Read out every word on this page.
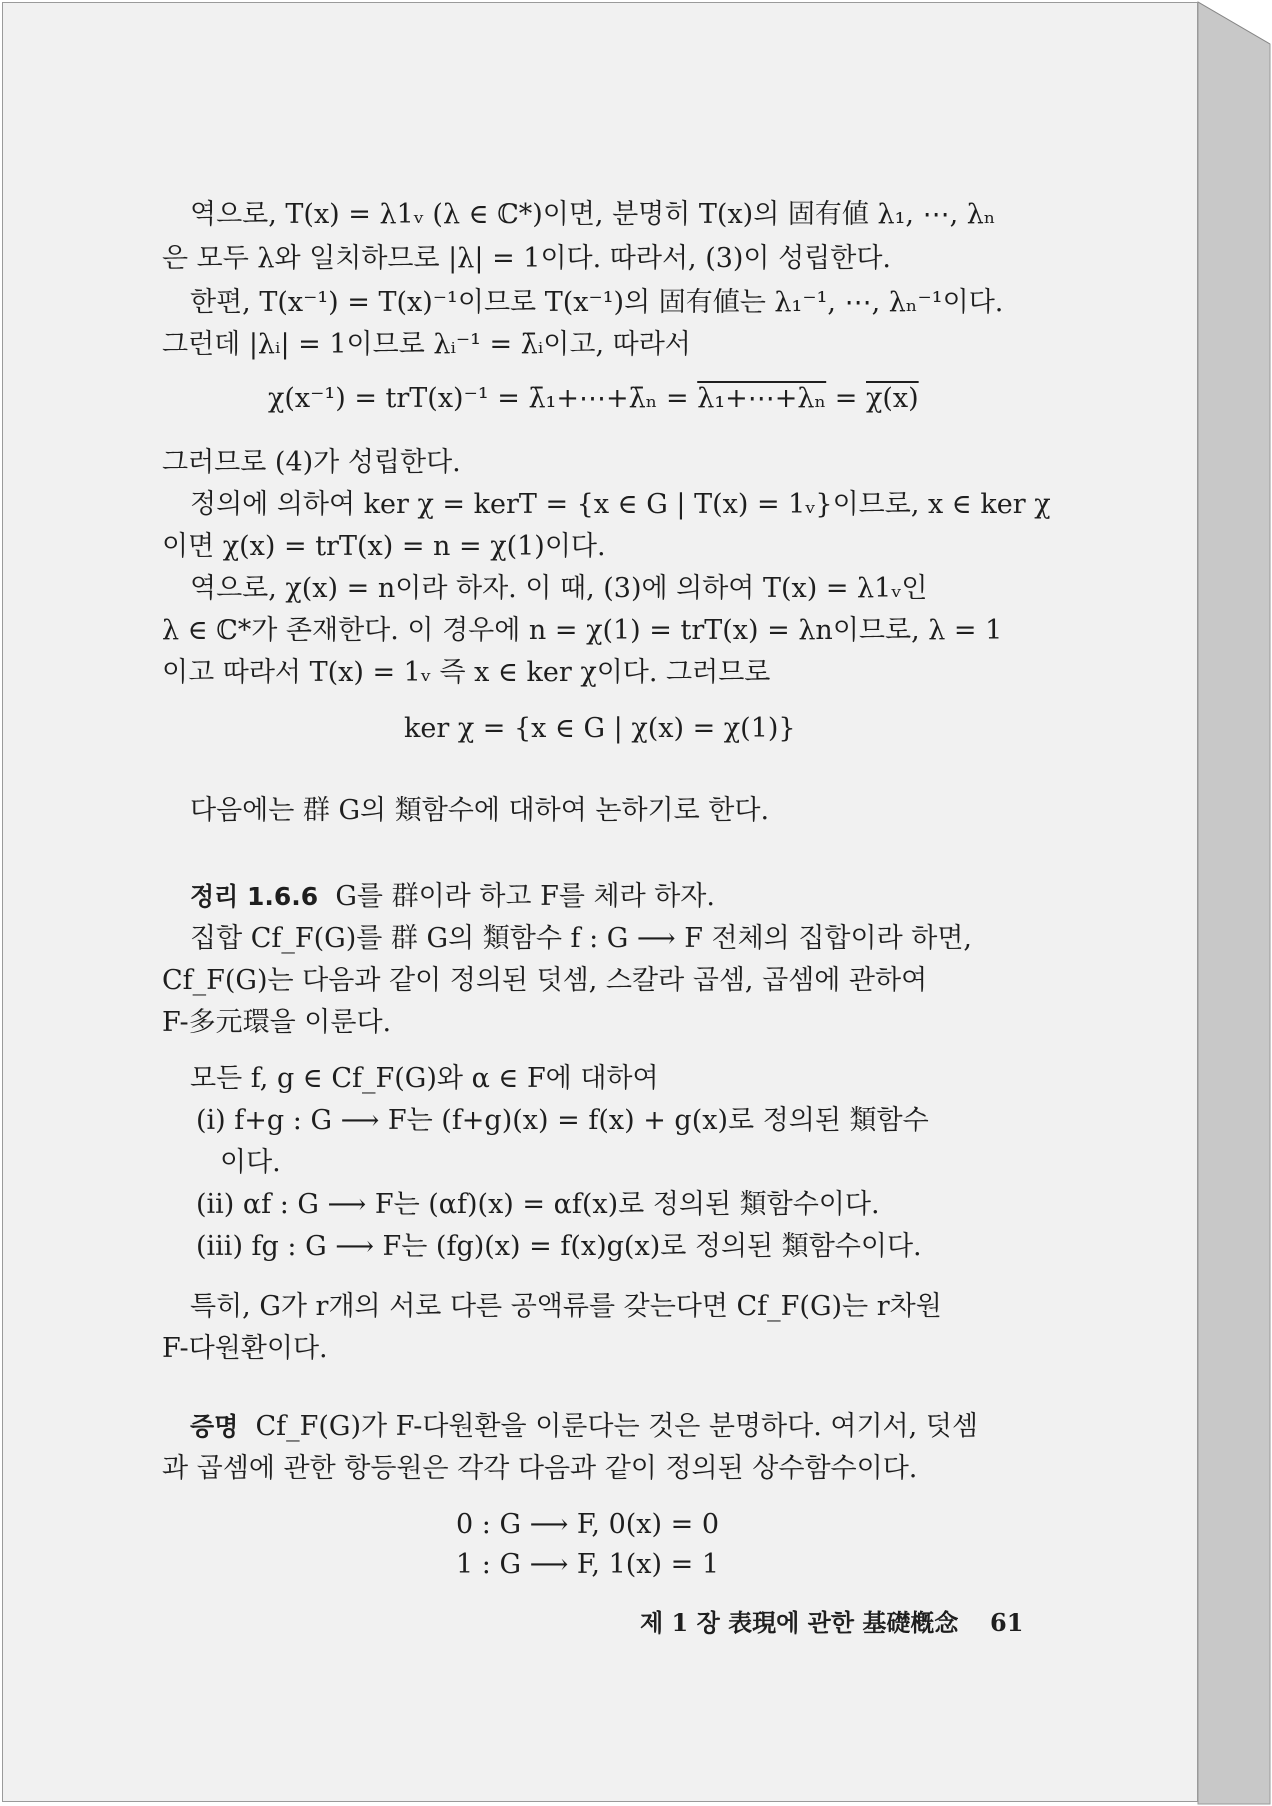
역으로, T(x) = λ1ᵥ (λ ∈ ℂ*)이면, 분명히 T(x)의 固有値 λ₁, ⋯, λₙ
은 모두 λ와 일치하므로 |λ| = 1이다. 따라서, (3)이 성립한다.
한편, T(x⁻¹) = T(x)⁻¹이므로 T(x⁻¹)의 固有値는 λ₁⁻¹, ⋯, λₙ⁻¹이다.
그런데 |λᵢ| = 1이므로 λᵢ⁻¹ = λ̄ᵢ이고, 따라서
χ(x⁻¹) = trT(x)⁻¹ = λ̄₁+⋯+λ̄ₙ = λ₁+⋯+λₙ = χ(x)
그러므로 (4)가 성립한다.
정의에 의하여 ker χ = kerT = {x ∈ G | T(x) = 1ᵥ}이므로, x ∈ ker χ
이면 χ(x) = trT(x) = n = χ(1)이다.
역으로, χ(x) = n이라 하자. 이 때, (3)에 의하여 T(x) = λ1ᵥ인
λ ∈ ℂ*가 존재한다. 이 경우에 n = χ(1) = trT(x) = λn이므로, λ = 1
이고 따라서 T(x) = 1ᵥ 즉 x ∈ ker χ이다. 그러므로
ker χ = {x ∈ G | χ(x) = χ(1)}
다음에는 群 G의 類함수에 대하여 논하기로 한다.
정리 1.6.6 G를 群이라 하고 F를 체라 하자.
집합 Cf_F(G)를 群 G의 類함수 f : G ⟶ F 전체의 집합이라 하면,
Cf_F(G)는 다음과 같이 정의된 덧셈, 스칼라 곱셈, 곱셈에 관하여
F-多元環을 이룬다.
모든 f, g ∈ Cf_F(G)와 α ∈ F에 대하여
(i) f+g : G ⟶ F는 (f+g)(x) = f(x) + g(x)로 정의된 類함수
이다.
(ii) αf : G ⟶ F는 (αf)(x) = αf(x)로 정의된 類함수이다.
(iii) fg : G ⟶ F는 (fg)(x) = f(x)g(x)로 정의된 類함수이다.
특히, G가 r개의 서로 다른 공액류를 갖는다면 Cf_F(G)는 r차원
F-다원환이다.
증명 Cf_F(G)가 F-다원환을 이룬다는 것은 분명하다. 여기서, 덧셈
과 곱셈에 관한 항등원은 각각 다음과 같이 정의된 상수함수이다.
0 : G ⟶ F, 0(x) = 0
1 : G ⟶ F, 1(x) = 1
제 1 장 表現에 관한 基礎槪念 61
